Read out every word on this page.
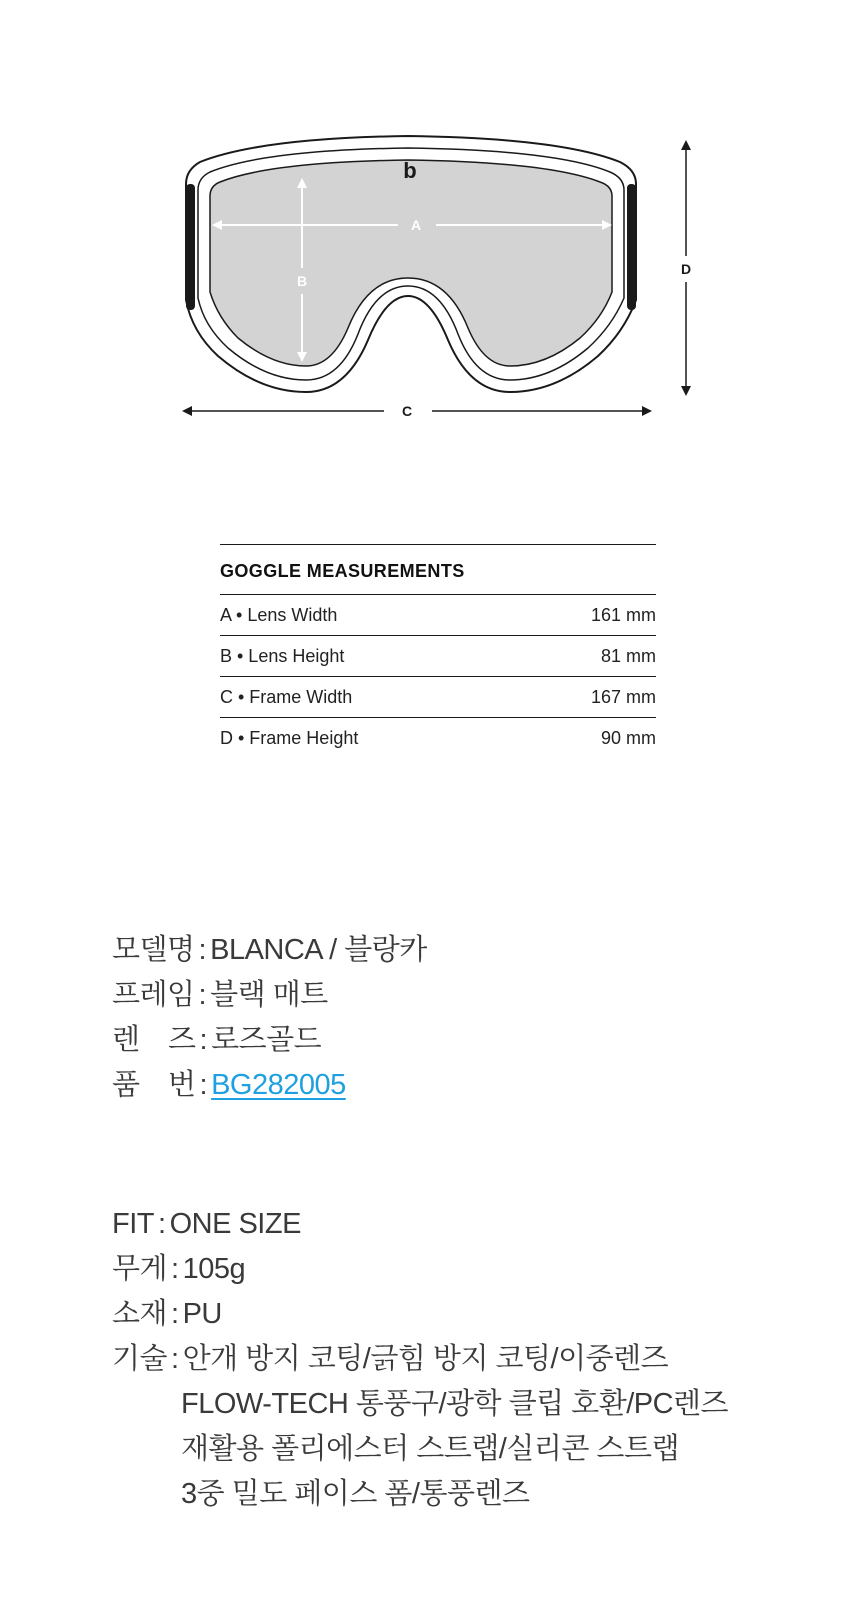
b
A
B
C
D
GOGGLE MEASUREMENTS
A • Lens Width	161 mm
B • Lens Height	81 mm
C • Frame Width	167 mm
D • Frame Height	90 mm
모델명 : BLANCA / 블랑카
프레임 : 블랙 매트
렌　즈 : 로즈골드
품　번 : BG282005
FIT : ONE SIZE
무게 : 105g
소재 : PU
기술 : 안개 방지 코팅/긁힘 방지 코팅/이중렌즈
FLOW-TECH 통풍구/광학 클립 호환/PC렌즈
재활용 폴리에스터 스트랩/실리콘 스트랩
3중 밀도 페이스 폼/통풍렌즈
